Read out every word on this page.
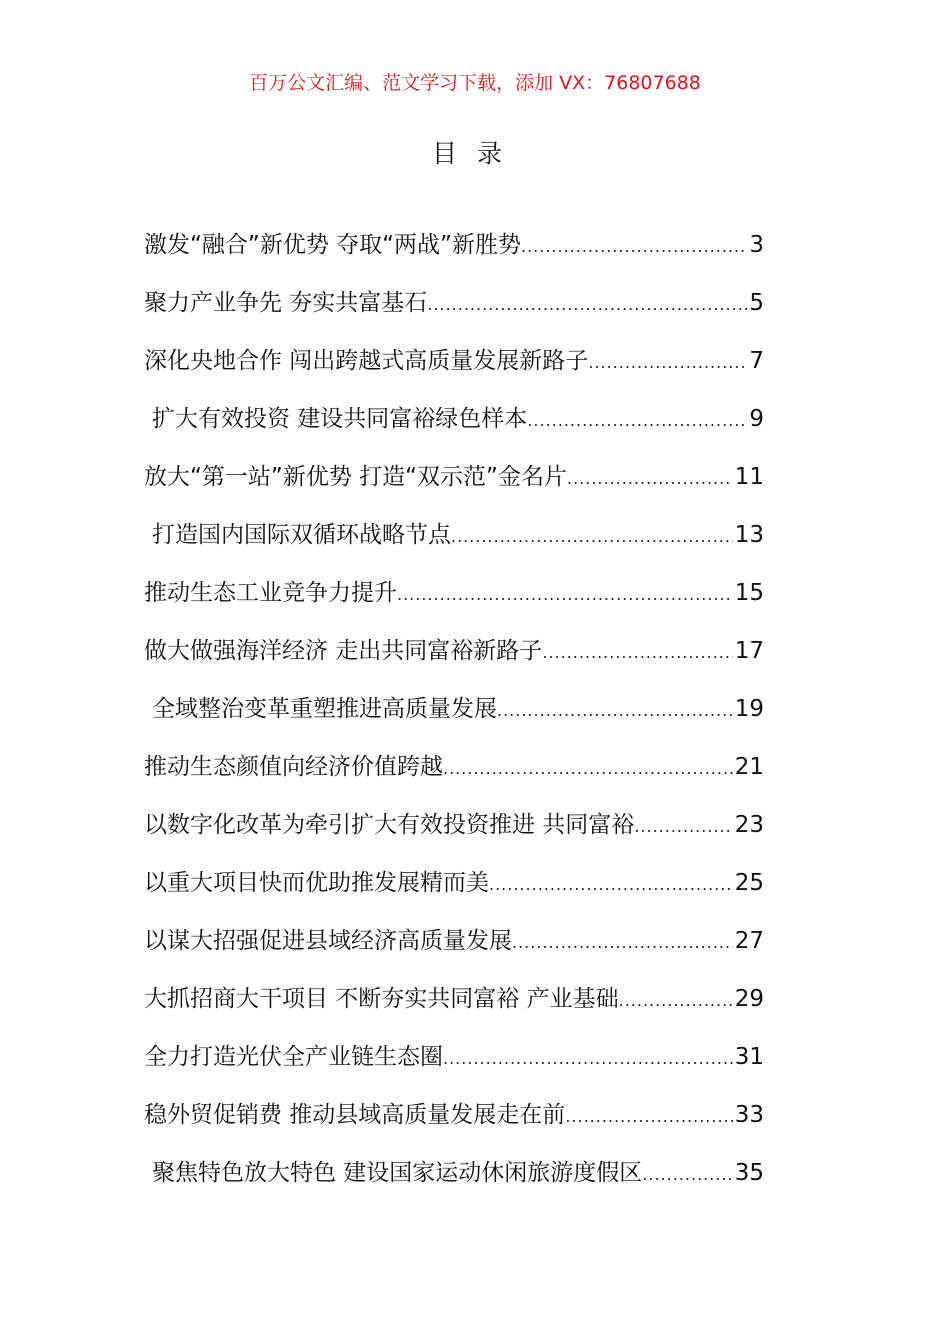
百万公文汇编、范文学习下载，添加 VX：76807688
目 录
激发“融合”新优势 夺取“两战”新胜势 .....	3
聚力产业争先 夯实共富基石 .....	5
深化央地合作 闯出跨越式高质量发展新路子 .....	7
扩大有效投资 建设共同富裕绿色样本 .....	9
放大“第一站”新优势 打造“双示范”金名片 .....	11
打造国内国际双循环战略节点 .....	13
推动生态工业竞争力提升 .....	15
做大做强海洋经济 走出共同富裕新路子 .....	17
全域整治变革重塑推进高质量发展 .....	19
推动生态颜值向经济价值跨越 .....	21
以数字化改革为牵引扩大有效投资推进 共同富裕 .....	23
以重大项目快而优助推发展精而美 .....	25
以谋大招强促进县域经济高质量发展 .....	27
大抓招商大干项目 不断夯实共同富裕 产业基础 .....	29
全力打造光伏全产业链生态圈 .....	31
稳外贸促销费 推动县域高质量发展走在前 .....	33
聚焦特色放大特色 建设国家运动休闲旅游度假区 .....	35
